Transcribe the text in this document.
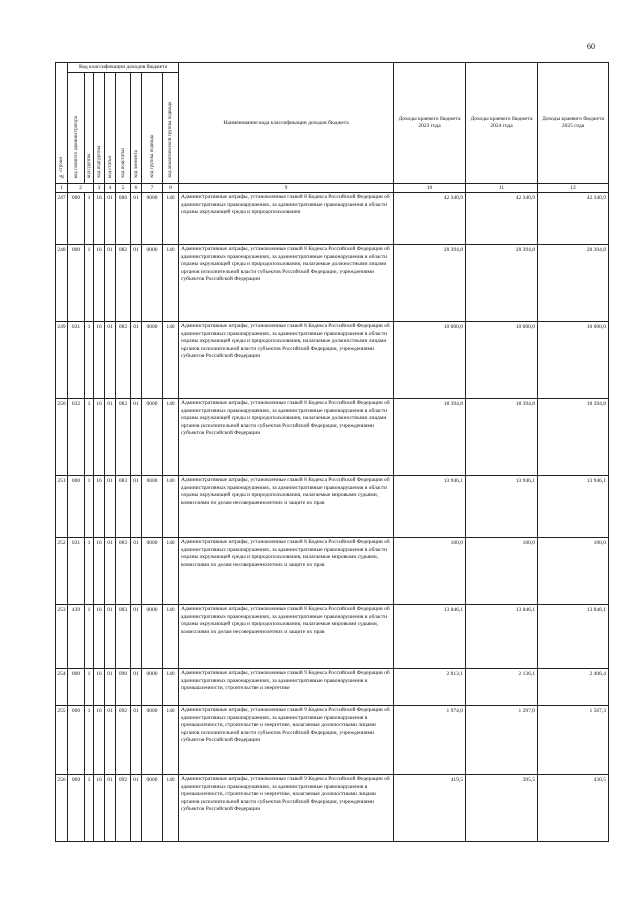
60
№ строки	Код классификации доходов бюджета								Наименование кода классификации доходов бюджета	Доходы краевого бюджета 2023 года	Доходы краевого бюджета 2024 года	Доходы краевого бюджета 2025 года
	код главного администратора	код группы	код подгруппы	код статьи	код подстатьи	код элемента	код группы подвида	код аналитической группы подвида				
1	2		3	4	5	6	7	8	9	10	11	12
247	000	1	16	01	080	01	0000	140	Административные штрафы, установленные главой 8 Кодекса Российской Федерации об административных правонарушениях, за административные правонарушения в области охраны окружающей среды и природопользования	42 340,9	42 340,9	42 340,9
248	000	1	16	01	082	01	0000	140	Административные штрафы, установленные главой 8 Кодекса Российской Федерации об административных правонарушениях, за административные правонарушения в области охраны окружающей среды и природопользования, налагаемые должностными лицами органов исполнительной власти субъектов Российской Федерации, учреждениями субъектов Российской Федерации	28 394,8	28 394,8	28 394,8
249	031	1	16	01	082	01	0000	140	Административные штрафы, установленные главой 8 Кодекса Российской Федерации об административных правонарушениях, за административные правонарушения в области охраны окружающей среды и природопользования, налагаемые должностными лицами органов исполнительной власти субъектов Российской Федерации, учреждениями субъектов Российской Федерации	10 000,0	10 000,0	10 000,0
250	032	1	16	01	082	01	0000	140	Административные штрафы, установленные главой 8 Кодекса Российской Федерации об административных правонарушениях, за административные правонарушения в области охраны окружающей среды и природопользования, налагаемые должностными лицами органов исполнительной власти субъектов Российской Федерации, учреждениями субъектов Российской Федерации	18 394,8	18 394,8	18 394,8
251	000	1	16	01	083	01	0000	140	Административные штрафы, установленные главой 8 Кодекса Российской Федерации об административных правонарушениях, за административные правонарушения в области охраны окружающей среды и природопользования, налагаемые мировыми судьями, комиссиями по делам несовершеннолетних и защите их прав	13 946,1	13 946,1	13 946,1
252	031	1	16	01	083	01	0000	140	Административные штрафы, установленные главой 8 Кодекса Российской Федерации об административных правонарушениях, за административные правонарушения в области охраны окружающей среды и природопользования, налагаемые мировыми судьями, комиссиями по делам несовершеннолетних и защите их прав	100,0	100,0	100,0
253	439	1	16	01	083	01	0000	140	Административные штрафы, установленные главой 8 Кодекса Российской Федерации об административных правонарушениях, за административные правонарушения в области охраны окружающей среды и природопользования, налагаемые мировыми судьями, комиссиями по делам несовершеннолетних и защите их прав	13 846,1	13 846,1	13 846,1
254	000	1	16	01	090	01	0000	140	Административные штрафы, установленные главой 9 Кодекса Российской Федерации об административных правонарушениях, за административные правонарушения в промышленности, строительстве и энергетике	2 813,1	2 136,1	2 406,4
255	000	1	16	01	092	01	0000	140	Административные штрафы, установленные главой 9 Кодекса Российской Федерации об административных правонарушениях, за административные правонарушения в промышленности, строительстве и энергетике, налагаемые должностными лицами органов исполнительной власти субъектов Российской Федерации, учреждениями субъектов Российской Федерации	1 974,0	1 297,0	1 567,3
256	069	1	16	01	092	01	0000	140	Административные штрафы, установленные главой 9 Кодекса Российской Федерации об административных правонарушениях, за административные правонарушения в промышленности, строительстве и энергетике, налагаемые должностными лицами органов исполнительной власти субъектов Российской Федерации, учреждениями субъектов Российской Федерации	419,5	395,5	430,5
